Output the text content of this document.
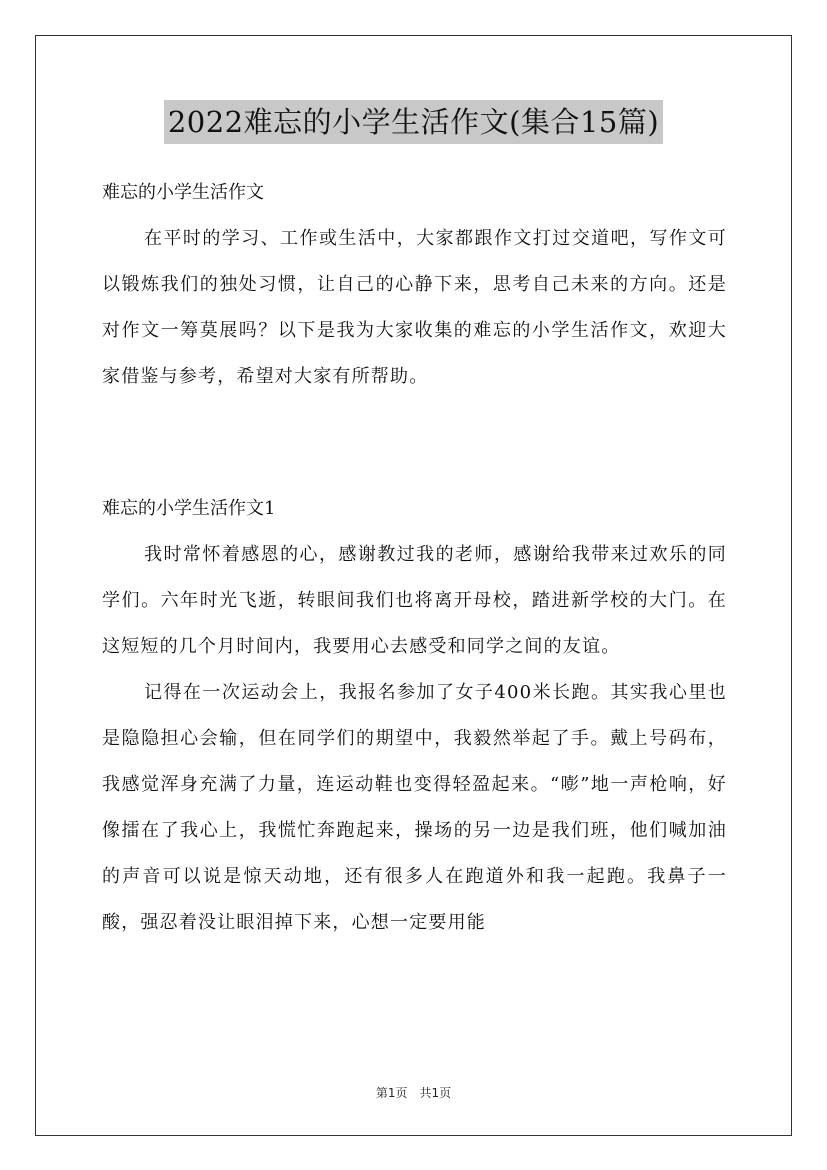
2022难忘的小学生活作文(集合15篇)

难忘的小学生活作文

在平时的学习、工作或生活中，大家都跟作文打过交道吧，写作文可以锻炼我们的独处习惯，让自己的心静下来，思考自己未来的方向。还是对作文一筹莫展吗？以下是我为大家收集的难忘的小学生活作文，欢迎大家借鉴与参考，希望对大家有所帮助。

难忘的小学生活作文1

我时常怀着感恩的心，感谢教过我的老师，感谢给我带来过欢乐的同学们。六年时光飞逝，转眼间我们也将离开母校，踏进新学校的大门。在这短短的几个月时间内，我要用心去感受和同学之间的友谊。

记得在一次运动会上，我报名参加了女子400米长跑。其实我心里也是隐隐担心会输，但在同学们的期望中，我毅然举起了手。戴上号码布，我感觉浑身充满了力量，连运动鞋也变得轻盈起来。“嘭”地一声枪响，好像擂在了我心上，我慌忙奔跑起来，操场的另一边是我们班，他们喊加油的声音可以说是惊天动地，还有很多人在跑道外和我一起跑。我鼻子一酸，强忍着没让眼泪掉下来，心想一定要用能

第1页　共1页
